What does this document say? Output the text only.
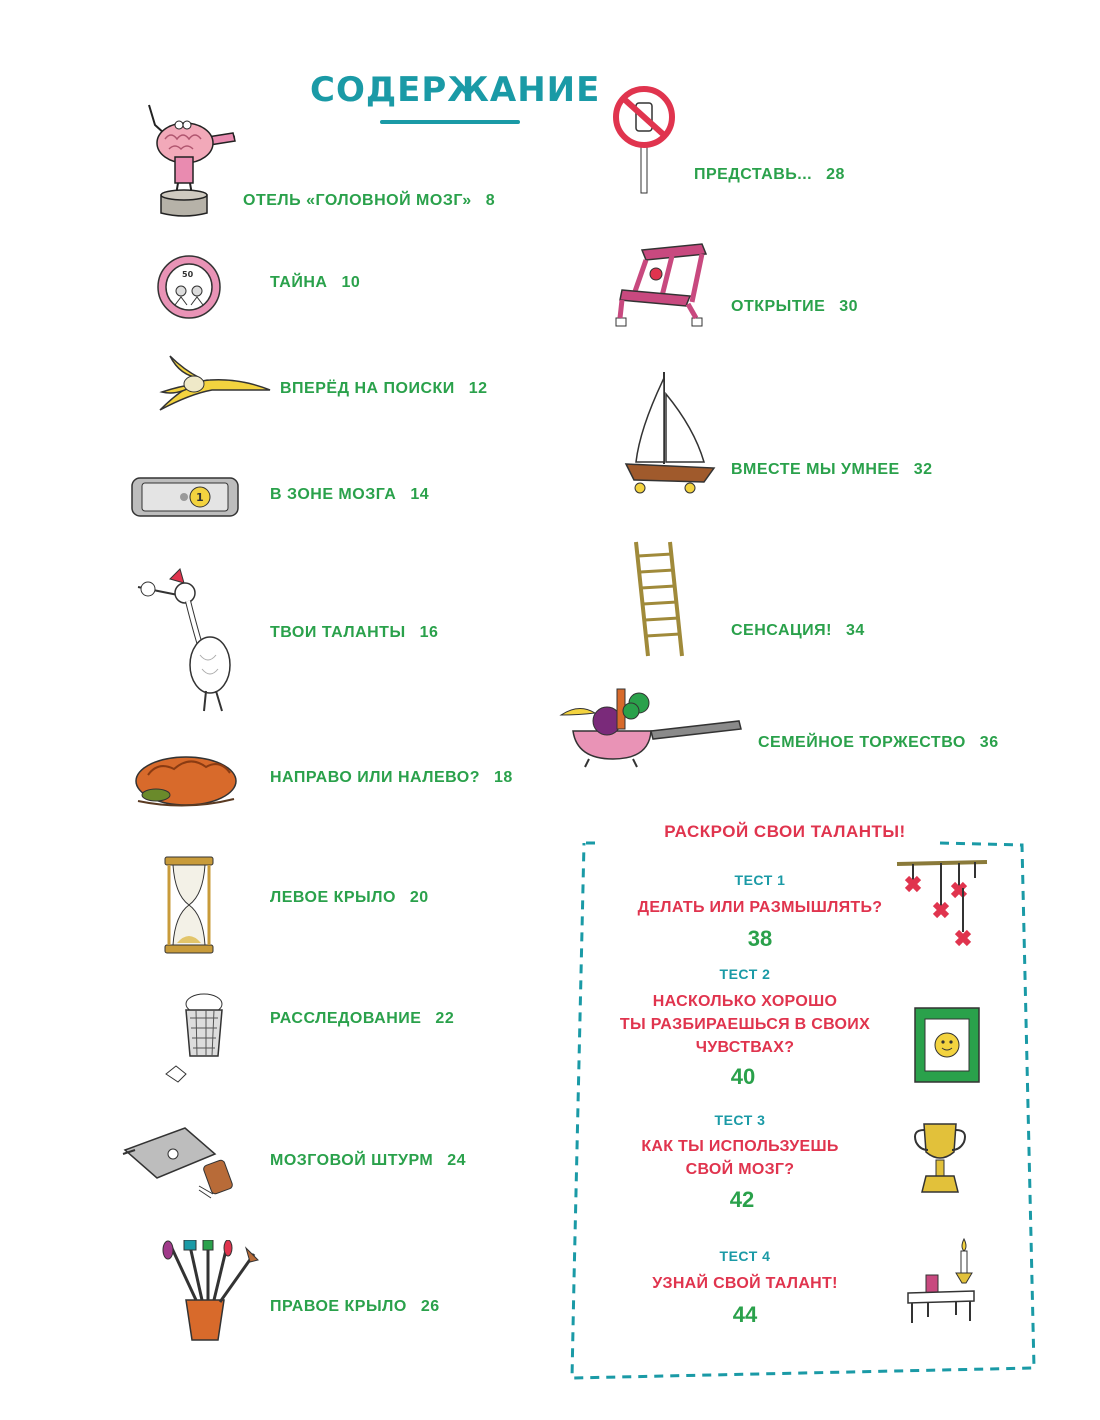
СОДЕРЖАНИЕ
ОТЕЛЬ «ГОЛОВНОЙ МОЗГ» 8
ТАЙНА 10
ВПЕРЁД НА ПОИСКИ 12
В ЗОНЕ МОЗГА 14
ТВОИ ТАЛАНТЫ 16
НАПРАВО ИЛИ НАЛЕВО? 18
ЛЕВОЕ КРЫЛО 20
РАССЛЕДОВАНИЕ 22
МОЗГОВОЙ ШТУРМ 24
ПРАВОЕ КРЫЛО 26
ПРЕДСТАВЬ... 28
ОТКРЫТИЕ 30
ВМЕСТЕ МЫ УМНЕЕ 32
СЕНСАЦИЯ! 34
СЕМЕЙНОЕ ТОРЖЕСТВО 36
50
1
РАСКРОЙ СВОИ ТАЛАНТЫ!
ТЕСТ 1
ДЕЛАТЬ ИЛИ РАЗМЫШЛЯТЬ?
38
ТЕСТ 2
НАСКОЛЬКО ХОРОШО
ТЫ РАЗБИРАЕШЬСЯ В СВОИХ
ЧУВСТВАХ?
40
ТЕСТ 3
КАК ТЫ ИСПОЛЬЗУЕШЬ
СВОЙ МОЗГ?
42
ТЕСТ 4
УЗНАЙ СВОЙ ТАЛАНТ!
44
